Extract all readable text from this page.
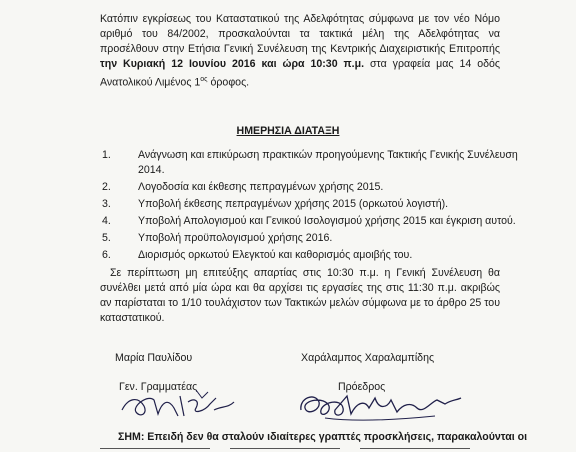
Κατόπιν εγκρίσεως του Καταστατικού της Αδελφότητας σύμφωνα με τον νέο Νόμο αριθμό του 84/2002, προσκαλούνται τα τακτικά μέλη της Αδελφότητας να προσέλθουν στην Ετήσια Γενική Συνέλευση της Κεντρικής Διαχειριστικής Επιτροπής την Κυριακή 12 Ιουνίου 2016 και ώρα 10:30 π.μ. στα γραφεία μας 14 οδός Ανατολικού Λιμένος $1^{o\varsigma}$ όροφος.
ΗΜΕΡΗΣΙΑ ΔΙΑΤΑΞΗ
1.	Ανάγνωση και επικύρωση πρακτικών προηγούμενης Τακτικής Γενικής Συνέλευση 2014.
2.	Λογοδοσία και έκθεσης πεπραγμένων χρήσης 2015.
3.	Υποβολή έκθεσης πεπραγμένων χρήσης 2015 (ορκωτού λογιστή).
4.	Υποβολή Απολογισμού και Γενικού Ισολογισμού χρήσης 2015 και έγκριση αυτού.
5.	Υποβολή προϋπολογισμού χρήσης 2016.
6.	Διορισμός ορκωτού Ελεγκτού και καθορισμός αμοιβής του.
Σε περίπτωση μη επιτεύξης απαρτίας στις 10:30 π.μ. η Γενική Συνέλευση θα συνέλθει μετά από μία ώρα και θα αρχίσει τις εργασίες της στις 11:30 π.μ. ακριβώς αν παρίσταται το 1/10 τουλάχιστον των Τακτικών μελών σύμφωνα με το άρθρο 25 του καταστατικού.
Μαρία Παυλίδου
Γεν. Γραμματέας
Χαράλαμπος Χαραλαμπίδης
Πρόεδρος
ΣΗΜ: Επειδή δεν θα σταλούν ιδιαίτερες γραπτές προσκλήσεις, παρακαλούνται οι
